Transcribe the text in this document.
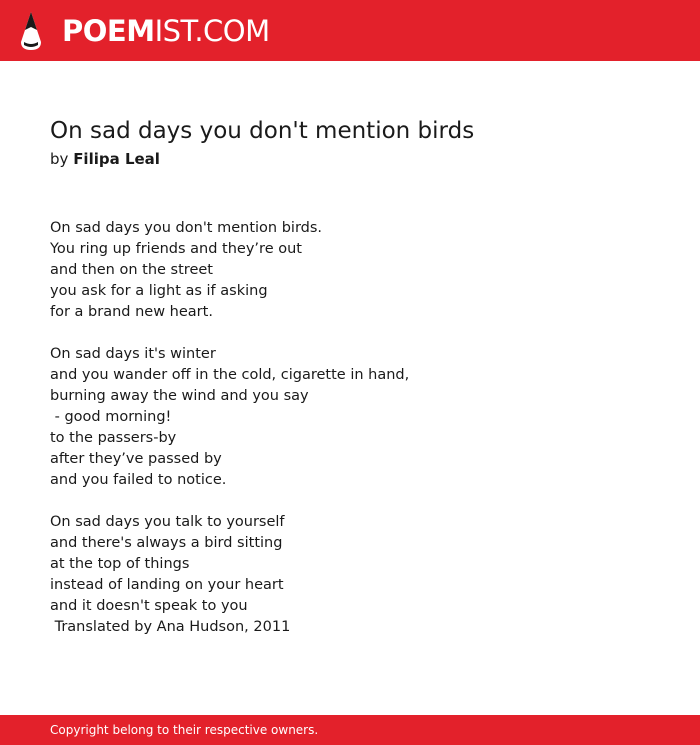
POEMIST.COM
On sad days you don't mention birds
by Filipa Leal
On sad days you don't mention birds.
You ring up friends and they’re out
and then on the street
you ask for a light as if asking
for a brand new heart.
On sad days it's winter
and you wander off in the cold, cigarette in hand,
burning away the wind and you say
- good morning!
to the passers-by
after they’ve passed by
and you failed to notice.
On sad days you talk to yourself
and there's always a bird sitting
at the top of things
instead of landing on your heart
and it doesn't speak to you
Translated by Ana Hudson, 2011
Copyright belong to their respective owners.
